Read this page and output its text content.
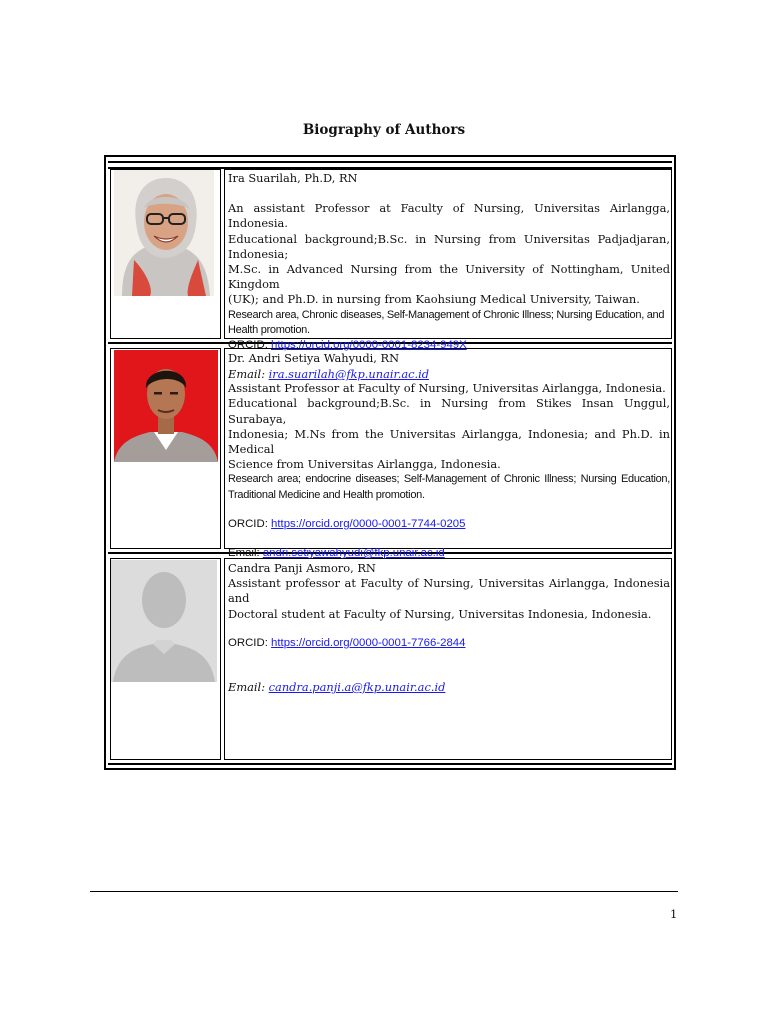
Biography of Authors

Ira Suarilah, Ph.D, RN

An assistant Professor at Faculty of Nursing, Universitas Airlangga, Indonesia.

Educational background;B.Sc. in Nursing from Universitas Padjadjaran, Indonesia;

M.Sc. in Advanced Nursing from the University of Nottingham, United Kingdom

(UK); and Ph.D. in nursing from Kaohsiung Medical University, Taiwan.

Research area, Chronic diseases, Self-Management of Chronic Illness; Nursing Education, and Health promotion.

ORCID: https://orcid.org/0000-0001-8234-949X

Email: ira.suarilah@fkp.unair.ac.id

Dr. Andri Setiya Wahyudi, RN

Assistant Professor at Faculty of Nursing, Universitas Airlangga, Indonesia.

Educational background;B.Sc. in Nursing from Stikes Insan Unggul, Surabaya,

Indonesia; M.Ns from the Universitas Airlangga, Indonesia; and Ph.D. in Medical

Science from Universitas Airlangga, Indonesia.

Research area; endocrine diseases; Self-Management of Chronic Illness; Nursing Education, Traditional Medicine and Health promotion.

ORCID: https://orcid.org/0000-0001-7744-0205

Email: andri.setiyawahyudi@fkp.unair.ac.id

Candra Panji Asmoro, RN

Assistant professor at Faculty of Nursing, Universitas Airlangga, Indonesia and

Doctoral student at Faculty of Nursing, Universitas Indonesia, Indonesia.

ORCID: https://orcid.org/0000-0001-7766-2844

Email: candra.panji.a@fkp.unair.ac.id

1
